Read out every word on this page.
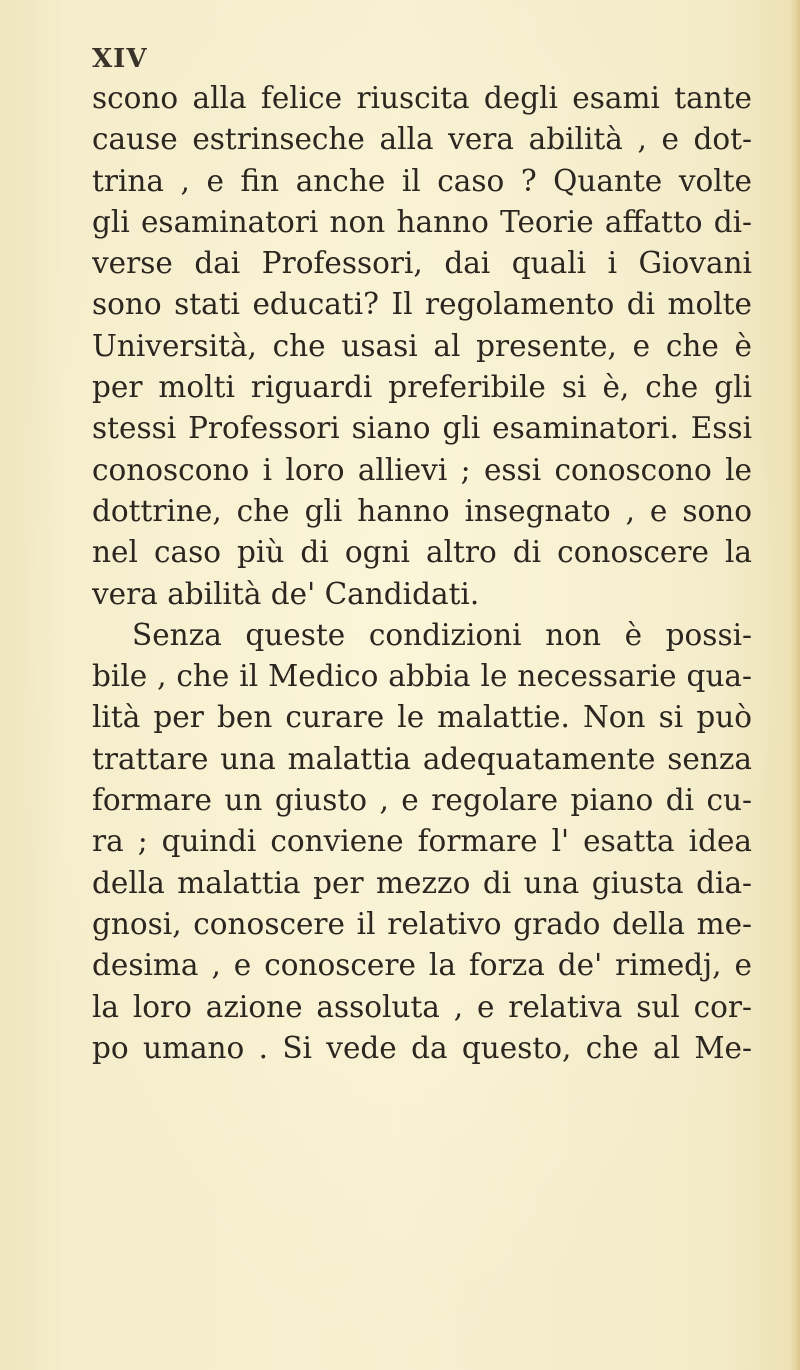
XIV
scono alla felice riuscita degli esami tante
cause estrinseche alla vera abilità , e dot-
trina , e fin anche il caso ? Quante volte
gli esaminatori non hanno Teorie affatto di-
verse dai Professori, dai quali i Giovani
sono stati educati? Il regolamento di molte
Università, che usasi al presente, e che è
per molti riguardi preferibile si è, che gli
stessi Professori siano gli esaminatori. Essi
conoscono i loro allievi ; essi conoscono le
dottrine, che gli hanno insegnato , e sono
nel caso più di ogni altro di conoscere la
vera abilità de' Candidati.
Senza queste condizioni non è possi-
bile , che il Medico abbia le necessarie qua-
lità per ben curare le malattie. Non si può
trattare una malattia adequatamente senza
formare un giusto , e regolare piano di cu-
ra ; quindi conviene formare l' esatta idea
della malattia per mezzo di una giusta dia-
gnosi, conoscere il relativo grado della me-
desima , e conoscere la forza de' rimedj, e
la loro azione assoluta , e relativa sul cor-
po umano . Si vede da questo, che al Me-
